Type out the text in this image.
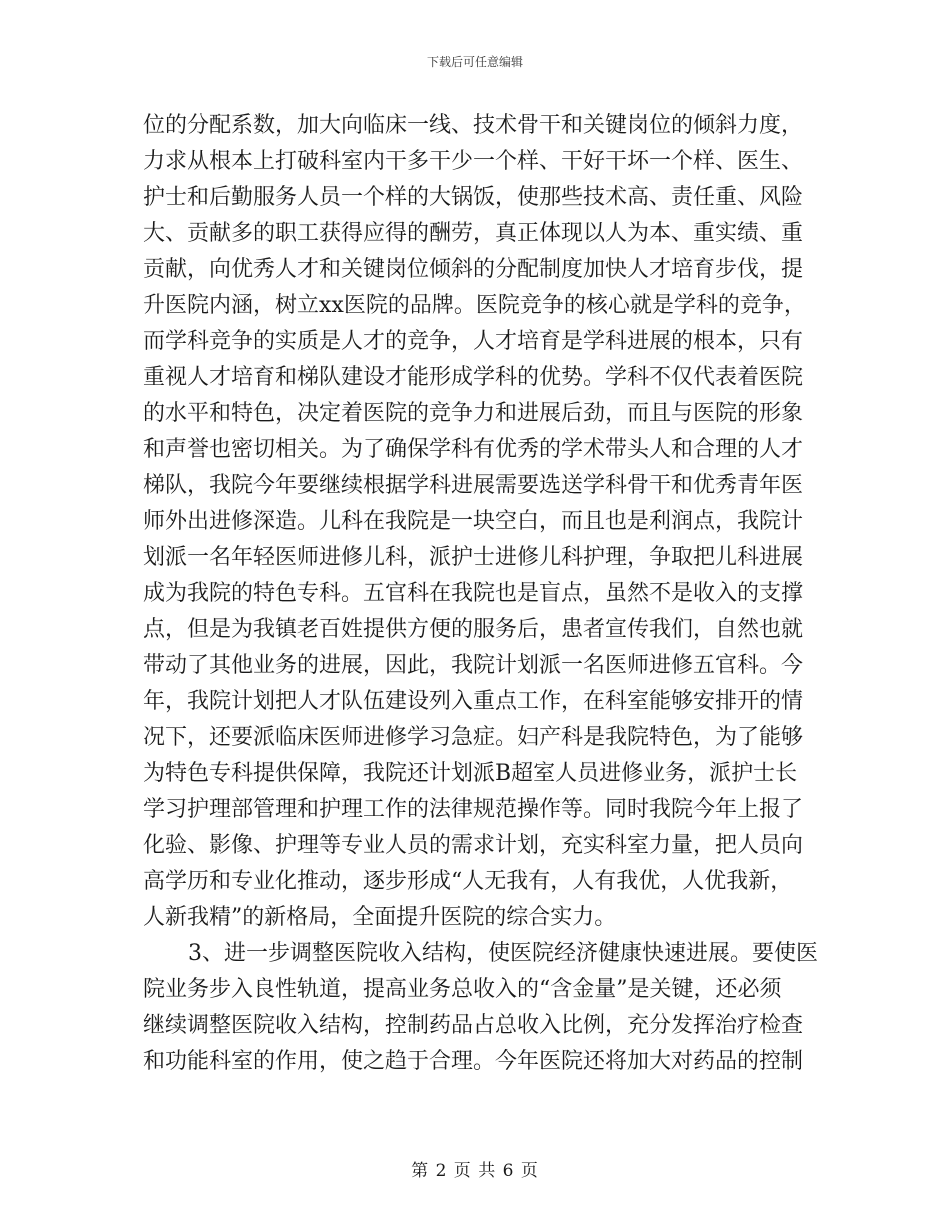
下载后可任意编辑
位的分配系数，加大向临床一线、技术骨干和关键岗位的倾斜力度，
力求从根本上打破科室内干多干少一个样、干好干坏一个样、医生、
护士和后勤服务人员一个样的大锅饭，使那些技术高、责任重、风险
大、贡献多的职工获得应得的酬劳，真正体现以人为本、重实绩、重
贡献，向优秀人才和关键岗位倾斜的分配制度加快人才培育步伐，提
升医院内涵，树立xx医院的品牌。医院竞争的核心就是学科的竞争，
而学科竞争的实质是人才的竞争，人才培育是学科进展的根本，只有
重视人才培育和梯队建设才能形成学科的优势。学科不仅代表着医院
的水平和特色，决定着医院的竞争力和进展后劲，而且与医院的形象
和声誉也密切相关。为了确保学科有优秀的学术带头人和合理的人才
梯队，我院今年要继续根据学科进展需要选送学科骨干和优秀青年医
师外出进修深造。儿科在我院是一块空白，而且也是利润点，我院计
划派一名年轻医师进修儿科，派护士进修儿科护理，争取把儿科进展
成为我院的特色专科。五官科在我院也是盲点，虽然不是收入的支撑
点，但是为我镇老百姓提供方便的服务后，患者宣传我们，自然也就
带动了其他业务的进展，因此，我院计划派一名医师进修五官科。今
年，我院计划把人才队伍建设列入重点工作，在科室能够安排开的情
况下，还要派临床医师进修学习急症。妇产科是我院特色，为了能够
为特色专科提供保障，我院还计划派B超室人员进修业务，派护士长
学习护理部管理和护理工作的法律规范操作等。同时我院今年上报了
化验、影像、护理等专业人员的需求计划，充实科室力量，把人员向
高学历和专业化推动，逐步形成“人无我有，人有我优，人优我新，
人新我精”的新格局，全面提升医院的综合实力。
3、进一步调整医院收入结构，使医院经济健康快速进展。要使医
院业务步入良性轨道，提高业务总收入的“含金量”是关键，还必须
继续调整医院收入结构，控制药品占总收入比例，充分发挥治疗检查
和功能科室的作用，使之趋于合理。今年医院还将加大对药品的控制
第 2 页 共 6 页
